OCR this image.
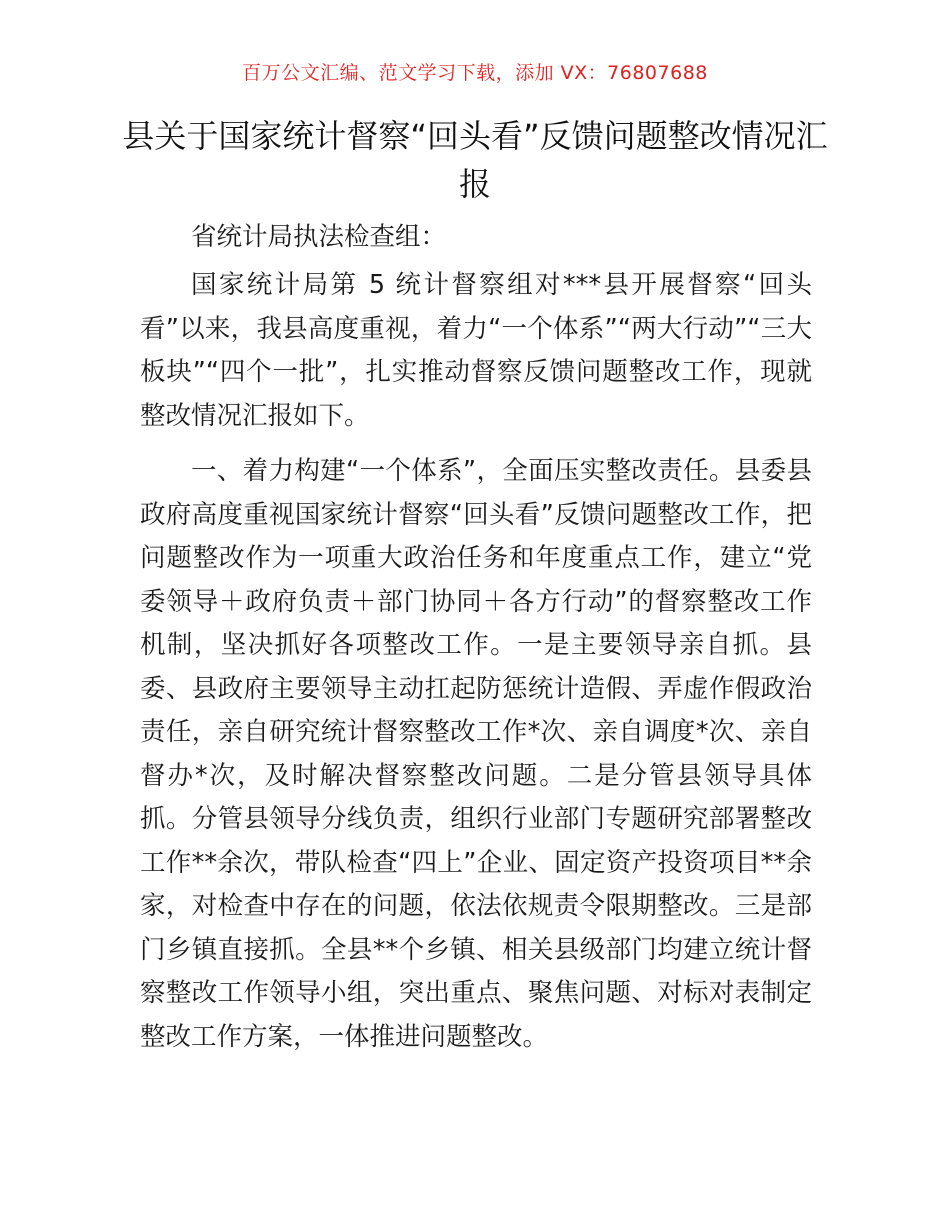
百万公文汇编、范文学习下载，添加 VX：76807688
县关于国家统计督察“回头看”反馈问题整改情况汇报
省统计局执法检查组：
国家统计局第 5 统计督察组对***县开展督察“回头看”以来，我县高度重视，着力“一个体系”“两大行动”“三大板块”“四个一批”，扎实推动督察反馈问题整改工作，现就整改情况汇报如下。
一、着力构建“一个体系”，全面压实整改责任。县委县政府高度重视国家统计督察“回头看”反馈问题整改工作，把问题整改作为一项重大政治任务和年度重点工作，建立“党委领导＋政府负责＋部门协同＋各方行动”的督察整改工作机制，坚决抓好各项整改工作。一是主要领导亲自抓。县委、县政府主要领导主动扛起防惩统计造假、弄虚作假政治责任，亲自研究统计督察整改工作*次、亲自调度*次、亲自督办*次，及时解决督察整改问题。二是分管县领导具体抓。分管县领导分线负责，组织行业部门专题研究部署整改工作**余次，带队检查“四上”企业、固定资产投资项目**余家，对检查中存在的问题，依法依规责令限期整改。三是部门乡镇直接抓。全县**个乡镇、相关县级部门均建立统计督察整改工作领导小组，突出重点、聚焦问题、对标对表制定整改工作方案，一体推进问题整改。
